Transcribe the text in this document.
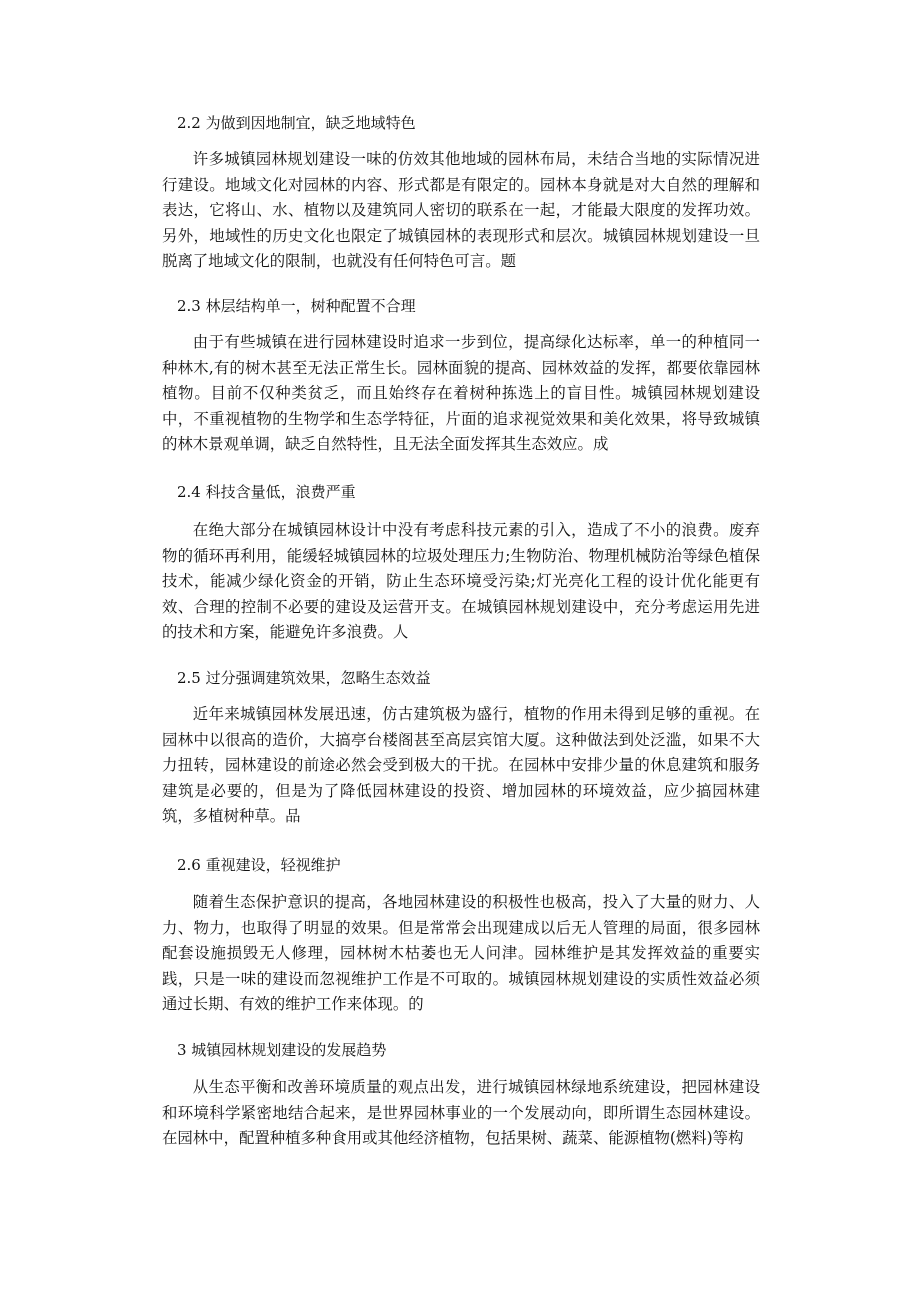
2.2 为做到因地制宜，缺乏地域特色

许多城镇园林规划建设一味的仿效其他地域的园林布局，未结合当地的实际情况进行建设。地域文化对园林的内容、形式都是有限定的。园林本身就是对大自然的理解和表达，它将山、水、植物以及建筑同人密切的联系在一起，才能最大限度的发挥功效。另外，地域性的历史文化也限定了城镇园林的表现形式和层次。城镇园林规划建设一旦脱离了地域文化的限制，也就没有任何特色可言。题

2.3 林层结构单一，树种配置不合理

由于有些城镇在进行园林建设时追求一步到位，提高绿化达标率，单一的种植同一种林木,有的树木甚至无法正常生长。园林面貌的提高、园林效益的发挥，都要依靠园林植物。目前不仅种类贫乏，而且始终存在着树种拣选上的盲目性。城镇园林规划建设中，不重视植物的生物学和生态学特征，片面的追求视觉效果和美化效果，将导致城镇的林木景观单调，缺乏自然特性，且无法全面发挥其生态效应。成

2.4 科技含量低，浪费严重

在绝大部分在城镇园林设计中没有考虑科技元素的引入，造成了不小的浪费。废弃物的循环再利用，能缓轻城镇园林的垃圾处理压力;生物防治、物理机械防治等绿色植保技术，能减少绿化资金的开销，防止生态环境受污染;灯光亮化工程的设计优化能更有效、合理的控制不必要的建设及运营开支。在城镇园林规划建设中，充分考虑运用先进的技术和方案，能避免许多浪费。人

2.5 过分强调建筑效果，忽略生态效益

近年来城镇园林发展迅速，仿古建筑极为盛行，植物的作用未得到足够的重视。在园林中以很高的造价，大搞亭台楼阁甚至高层宾馆大厦。这种做法到处泛滥，如果不大力扭转，园林建设的前途必然会受到极大的干扰。在园林中安排少量的休息建筑和服务建筑是必要的，但是为了降低园林建设的投资、增加园林的环境效益，应少搞园林建筑，多植树种草。品

2.6 重视建设，轻视维护

随着生态保护意识的提高，各地园林建设的积极性也极高，投入了大量的财力、人力、物力，也取得了明显的效果。但是常常会出现建成以后无人管理的局面，很多园林配套设施损毁无人修理，园林树木枯萎也无人问津。园林维护是其发挥效益的重要实践，只是一味的建设而忽视维护工作是不可取的。城镇园林规划建设的实质性效益必须通过长期、有效的维护工作来体现。的

3 城镇园林规划建设的发展趋势

从生态平衡和改善环境质量的观点出发，进行城镇园林绿地系统建设，把园林建设和环境科学紧密地结合起来，是世界园林事业的一个发展动向，即所谓生态园林建设。在园林中，配置种植多种食用或其他经济植物，包括果树、蔬菜、能源植物(燃料)等构
